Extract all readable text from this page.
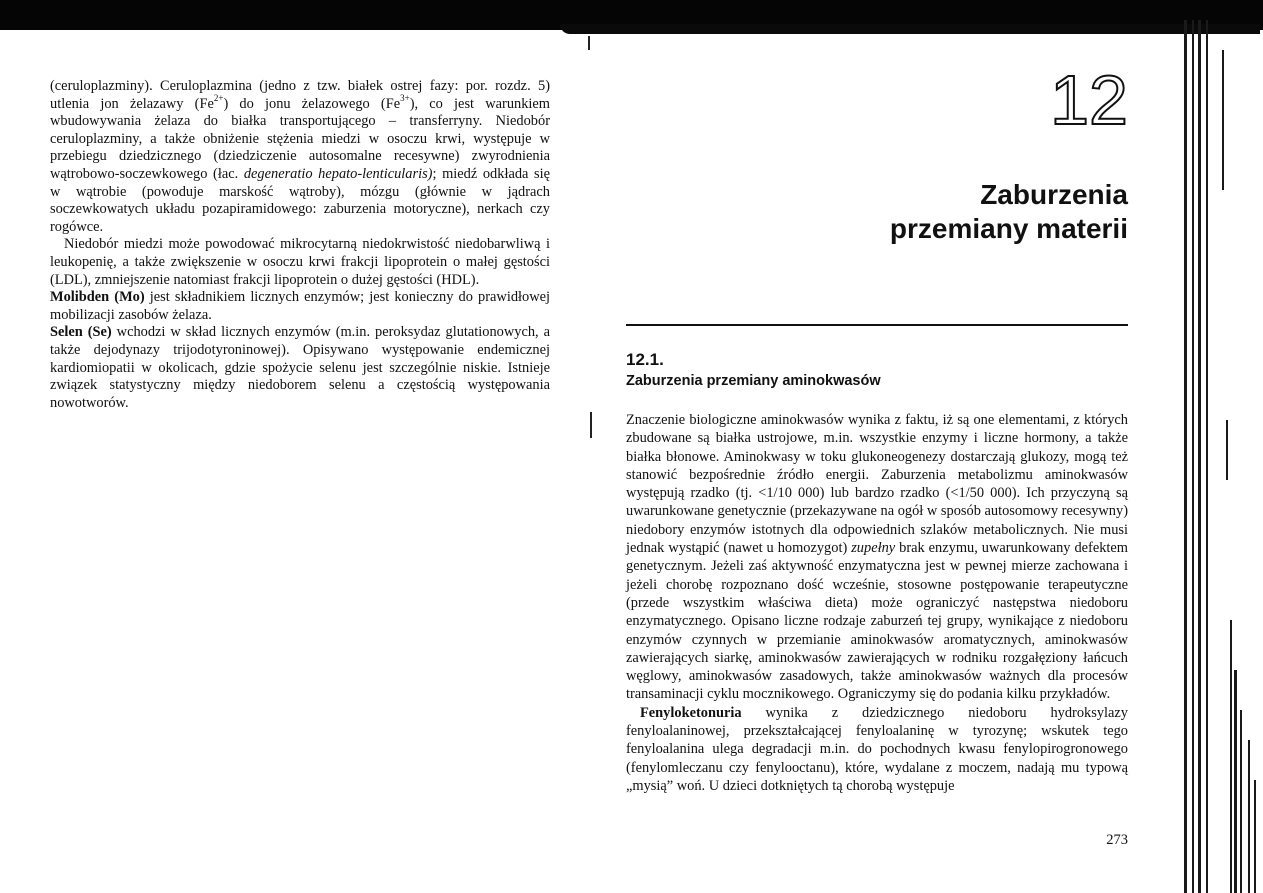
(ceruloplazminy). Ceruloplazmina (jedno z tzw. białek ostrej fazy: por. rozdz. 5) utlenia jon żelazawy $(Fe^{2+})$ do jonu żelazowego $(Fe^{3+})$, co jest warunkiem wbudowywania żelaza do białka transportującego – transferryny. Niedobór ceruloplazminy, a także obniżenie stężenia miedzi w osoczu krwi, występuje w przebiegu dziedzicznego (dziedziczenie autosomalne recesywne) zwyrodnienia wątrobowo-soczewkowego (łac. degeneratio hepato-lenticularis); miedź odkłada się w wątrobie (powoduje marskość wątroby), mózgu (głównie w jądrach soczewkowatych układu pozapiramidowego: zaburzenia motoryczne), nerkach czy rogówce.

Niedobór miedzi może powodować mikrocytarną niedokrwistość niedobarwliwą i leukopenię, a także zwiększenie w osoczu krwi frakcji lipoprotein o małej gęstości (LDL), zmniejszenie natomiast frakcji lipoprotein o dużej gęstości (HDL).

Molibden (Mo) jest składnikiem licznych enzymów; jest konieczny do prawidłowej mobilizacji zasobów żelaza.

Selen (Se) wchodzi w skład licznych enzymów (m.in. peroksydaz glutationowych, a także dejodynazy trijodotyroninowej). Opisywano występowanie endemicznej kardiomiopatii w okolicach, gdzie spożycie selenu jest szczególnie niskie. Istnieje związek statystyczny między niedoborem selenu a częstością występowania nowotworów.

12
Zaburzenia
przemiany materii
12.1.
Zaburzenia przemiany aminokwasów

Znaczenie biologiczne aminokwasów wynika z faktu, iż są one elementami, z których zbudowane są białka ustrojowe, m.in. wszystkie enzymy i liczne hormony, a także białka błonowe. Aminokwasy w toku glukoneogenezy dostarczają glukozy, mogą też stanowić bezpośrednie źródło energii. Zaburzenia metabolizmu aminokwasów występują rzadko (tj. <1/10 000) lub bardzo rzadko (<1/50 000). Ich przyczyną są uwarunkowane genetycznie (przekazywane na ogół w sposób autosomowy recesywny) niedobory enzymów istotnych dla odpowiednich szlaków metabolicznych. Nie musi jednak wystąpić (nawet u homozygot) zupełny brak enzymu, uwarunkowany defektem genetycznym. Jeżeli zaś aktywność enzymatyczna jest w pewnej mierze zachowana i jeżeli chorobę rozpoznano dość wcześnie, stosowne postępowanie terapeutyczne (przede wszystkim właściwa dieta) może ograniczyć następstwa niedoboru enzymatycznego. Opisano liczne rodzaje zaburzeń tej grupy, wynikające z niedoboru enzymów czynnych w przemianie aminokwasów aromatycznych, aminokwasów zawierających siarkę, aminokwasów zawierających w rodniku rozgałęziony łańcuch węglowy, aminokwasów zasadowych, także aminokwasów ważnych dla procesów transaminacji cyklu mocznikowego. Ograniczymy się do podania kilku przykładów.

Fenyloketonuria wynika z dziedzicznego niedoboru hydroksylazy fenyloalaninowej, przekształcającej fenyloalaninę w tyrozynę; wskutek tego fenyloalanina ulega degradacji m.in. do pochodnych kwasu fenylopirogronowego (fenylomleczanu czy fenylooctanu), które, wydalane z moczem, nadają mu typową „mysią” woń. U dzieci dotkniętych tą chorobą występuje

273
